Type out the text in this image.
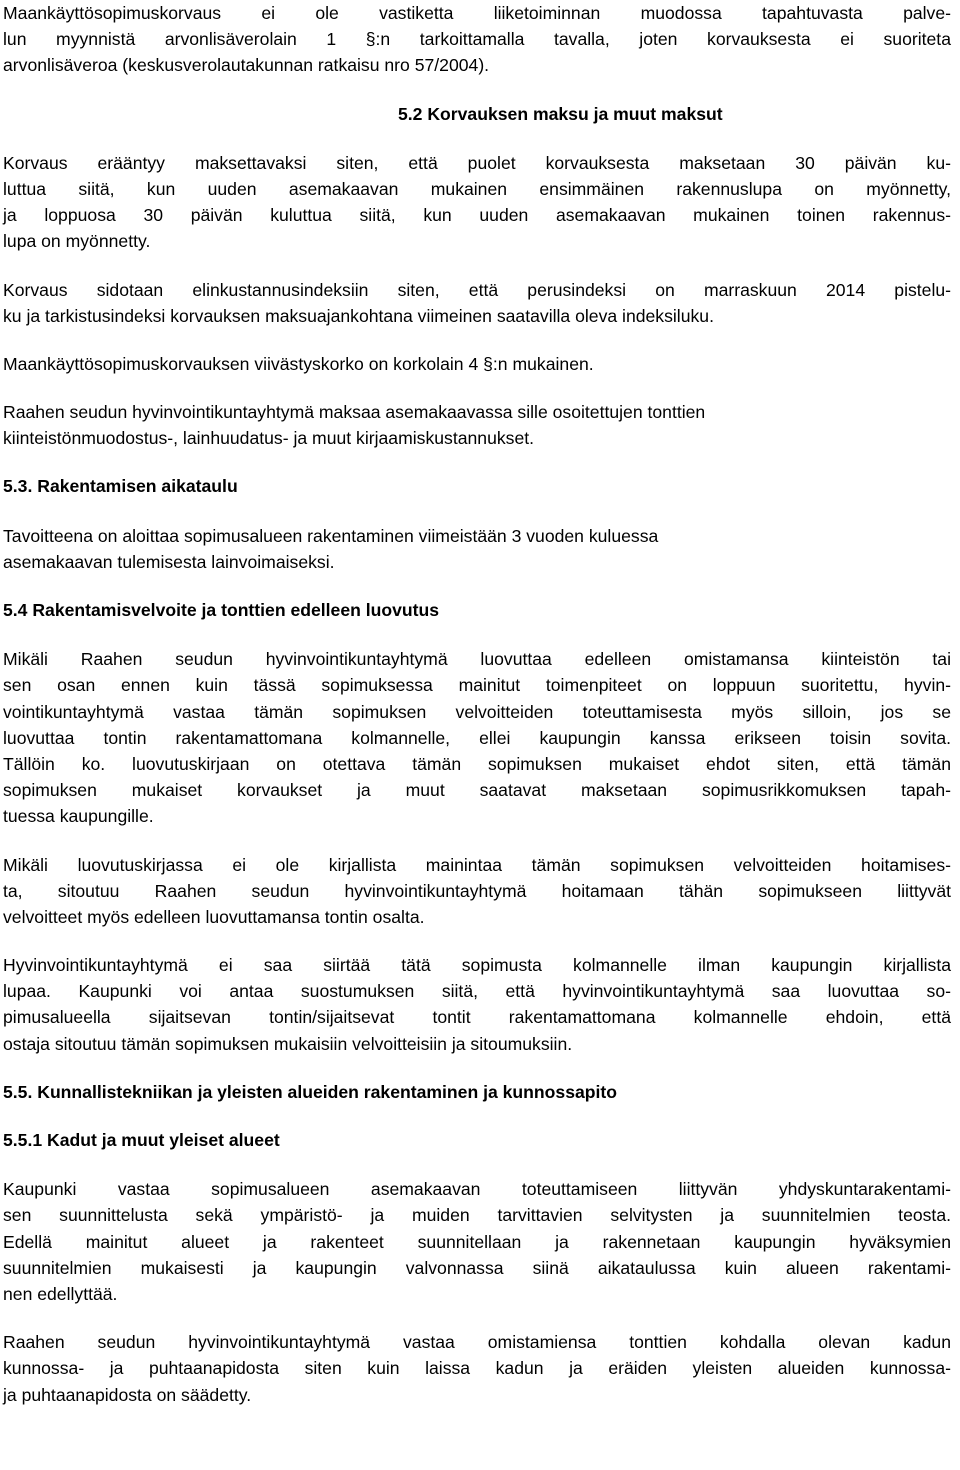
Maankäyttösopimuskorvaus ei ole vastiketta liiketoiminnan muodossa tapahtuvasta palve-
lun myynnistä arvonlisäverolain 1 §:n tarkoittamalla tavalla, joten korvauksesta ei suoriteta
arvonlisäveroa (keskusverolautakunnan ratkaisu nro 57/2004).
5.2 Korvauksen maksu ja muut maksut
Korvaus erääntyy maksettavaksi siten, että puolet korvauksesta maksetaan 30 päivän ku-
luttua siitä, kun uuden asemakaavan mukainen ensimmäinen rakennuslupa on myönnetty,
ja loppuosa 30 päivän kuluttua siitä, kun uuden asemakaavan mukainen toinen rakennus-
lupa on myönnetty.
Korvaus sidotaan elinkustannusindeksiin siten, että perusindeksi on marraskuun 2014 pistelu-
ku ja tarkistusindeksi korvauksen maksuajankohtana viimeinen saatavilla oleva indeksiluku.
Maankäyttösopimuskorvauksen viivästyskorko on korkolain 4 §:n mukainen.
Raahen seudun hyvinvointikuntayhtymä maksaa asemakaavassa sille osoitettujen tonttien
kiinteistönmuodostus-, lainhuudatus- ja muut kirjaamiskustannukset.
5.3. Rakentamisen aikataulu
Tavoitteena on aloittaa sopimusalueen rakentaminen viimeistään 3 vuoden kuluessa
asemakaavan tulemisesta lainvoimaiseksi.
5.4 Rakentamisvelvoite ja tonttien edelleen luovutus
Mikäli Raahen seudun hyvinvointikuntayhtymä luovuttaa edelleen omistamansa kiinteistön tai
sen osan ennen kuin tässä sopimuksessa mainitut toimenpiteet on loppuun suoritettu, hyvin-
vointikuntayhtymä vastaa tämän sopimuksen velvoitteiden toteuttamisesta myös silloin, jos se
luovuttaa tontin rakentamattomana kolmannelle, ellei kaupungin kanssa erikseen toisin sovita.
Tällöin ko. luovutuskirjaan on otettava tämän sopimuksen mukaiset ehdot siten, että tämän
sopimuksen mukaiset korvaukset ja muut saatavat maksetaan sopimusrikkomuksen tapah-
tuessa kaupungille.
Mikäli luovutuskirjassa ei ole kirjallista mainintaa tämän sopimuksen velvoitteiden hoitamises-
ta, sitoutuu Raahen seudun hyvinvointikuntayhtymä hoitamaan tähän sopimukseen liittyvät
velvoitteet myös edelleen luovuttamansa tontin osalta.
Hyvinvointikuntayhtymä ei saa siirtää tätä sopimusta kolmannelle ilman kaupungin kirjallista
lupaa. Kaupunki voi antaa suostumuksen siitä, että hyvinvointikuntayhtymä saa luovuttaa so-
pimusalueella sijaitsevan tontin/sijaitsevat tontit rakentamattomana kolmannelle ehdoin, että
ostaja sitoutuu tämän sopimuksen mukaisiin velvoitteisiin ja sitoumuksiin.
5.5. Kunnallistekniikan ja yleisten alueiden rakentaminen ja kunnossapito
5.5.1 Kadut ja muut yleiset alueet
Kaupunki vastaa sopimusalueen asemakaavan toteuttamiseen liittyvän yhdyskuntarakentami-
sen suunnittelusta sekä ympäristö- ja muiden tarvittavien selvitysten ja suunnitelmien teosta.
Edellä mainitut alueet ja rakenteet suunnitellaan ja rakennetaan kaupungin hyväksymien
suunnitelmien mukaisesti ja kaupungin valvonnassa siinä aikataulussa kuin alueen rakentami-
nen edellyttää.
Raahen seudun hyvinvointikuntayhtymä vastaa omistamiensa tonttien kohdalla olevan kadun
kunnossa- ja puhtaanapidosta siten kuin laissa kadun ja eräiden yleisten alueiden kunnossa-
ja puhtaanapidosta on säädetty.
